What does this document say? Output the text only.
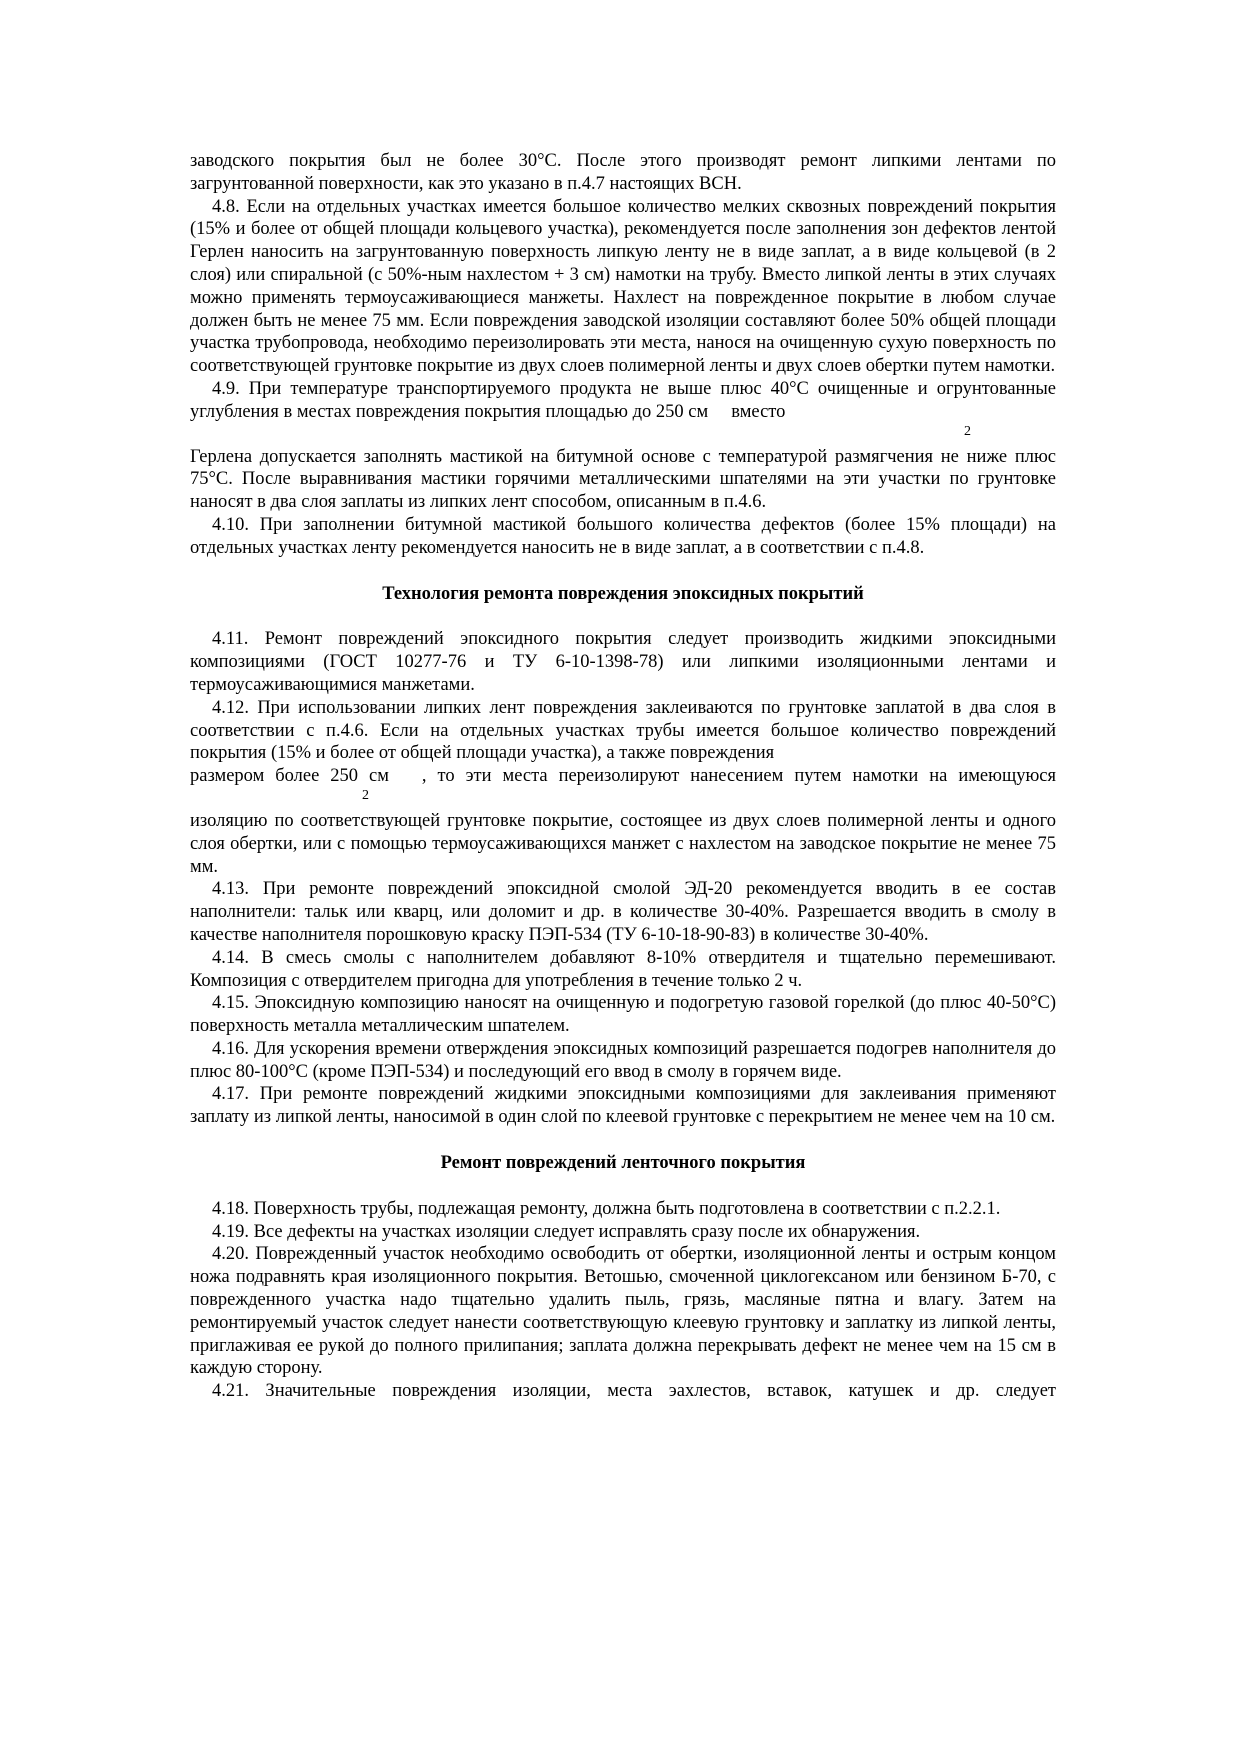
заводского покрытия был не более 30°С. После этого производят ремонт липкими лентами по загрунтованной поверхности, как это указано в п.4.7 настоящих ВСН.

4.8. Если на отдельных участках имеется большое количество мелких сквозных повреждений покрытия (15% и более от общей площади кольцевого участка), рекомендуется после заполнения зон дефектов лентой Герлен наносить на загрунтованную поверхность липкую ленту не в виде заплат, а в виде кольцевой (в 2 слоя) или спиральной (с 50%-ным нахлестом + 3 см) намотки на трубу. Вместо липкой ленты в этих случаях можно применять термоусаживающиеся манжеты. Нахлест на поврежденное покрытие в любом случае должен быть не менее 75 мм. Если повреждения заводской изоляции составляют более 50% общей площади участка трубопровода, необходимо переизолировать эти места, нанося на очищенную сухую поверхность по соответствующей грунтовке покрытие из двух слоев полимерной ленты и двух слоев обертки путем намотки.

4.9. При температуре транспортируемого продукта не выше плюс 40°С очищенные и огрунтованные углубления в местах повреждения покрытия площадью до 250 см вместо

2

Герлена допускается заполнять мастикой на битумной основе с температурой размягчения не ниже плюс 75°С. После выравнивания мастики горячими металлическими шпателями на эти участки по грунтовке наносят в два слоя заплаты из липких лент способом, описанным в п.4.6.

4.10. При заполнении битумной мастикой большого количества дефектов (более 15% площади) на отдельных участках ленту рекомендуется наносить не в виде заплат, а в соответствии с п.4.8.

Технология ремонта повреждения эпоксидных покрытий

4.11. Ремонт повреждений эпоксидного покрытия следует производить жидкими эпоксидными композициями (ГОСТ 10277-76 и ТУ 6-10-1398-78) или липкими изоляционными лентами и термоусаживающимися манжетами.

4.12. При использовании липких лент повреждения заклеиваются по грунтовке заплатой в два слоя в соответствии с п.4.6. Если на отдельных участках трубы имеется большое количество повреждений покрытия (15% и более от общей площади участка), а также повреждения

размером более 250 см , то эти места переизолируют нанесением путем намотки на имеющуюся

2

изоляцию по соответствующей грунтовке покрытие, состоящее из двух слоев полимерной ленты и одного слоя обертки, или с помощью термоусаживающихся манжет с нахлестом на заводское покрытие не менее 75 мм.

4.13. При ремонте повреждений эпоксидной смолой ЭД-20 рекомендуется вводить в ее состав наполнители: тальк или кварц, или доломит и др. в количестве 30-40%. Разрешается вводить в смолу в качестве наполнителя порошковую краску ПЭП-534 (ТУ 6-10-18-90-83) в количестве 30-40%.

4.14. В смесь смолы с наполнителем добавляют 8-10% отвердителя и тщательно перемешивают. Композиция с отвердителем пригодна для употребления в течение только 2 ч.

4.15. Эпоксидную композицию наносят на очищенную и подогретую газовой горелкой (до плюс 40-50°С) поверхность металла металлическим шпателем.

4.16. Для ускорения времени отверждения эпоксидных композиций разрешается подогрев наполнителя до плюс 80-100°С (кроме ПЭП-534) и последующий его ввод в смолу в горячем виде.

4.17. При ремонте повреждений жидкими эпоксидными композициями для заклеивания применяют заплату из липкой ленты, наносимой в один слой по клеевой грунтовке с перекрытием не менее чем на 10 см.

Ремонт повреждений ленточного покрытия

4.18. Поверхность трубы, подлежащая ремонту, должна быть подготовлена в соответствии с п.2.2.1.

4.19. Все дефекты на участках изоляции следует исправлять сразу после их обнаружения.

4.20. Поврежденный участок необходимо освободить от обертки, изоляционной ленты и острым концом ножа подравнять края изоляционного покрытия. Ветошью, смоченной циклогексаном или бензином Б-70, с поврежденного участка надо тщательно удалить пыль, грязь, масляные пятна и влагу. Затем на ремонтируемый участок следует нанести соответствующую клеевую грунтовку и заплатку из липкой ленты, приглаживая ее рукой до полного прилипания; заплата должна перекрывать дефект не менее чем на 15 см в каждую сторону.

4.21. Значительные повреждения изоляции, места эахлестов, вставок, катушек и др. следует
